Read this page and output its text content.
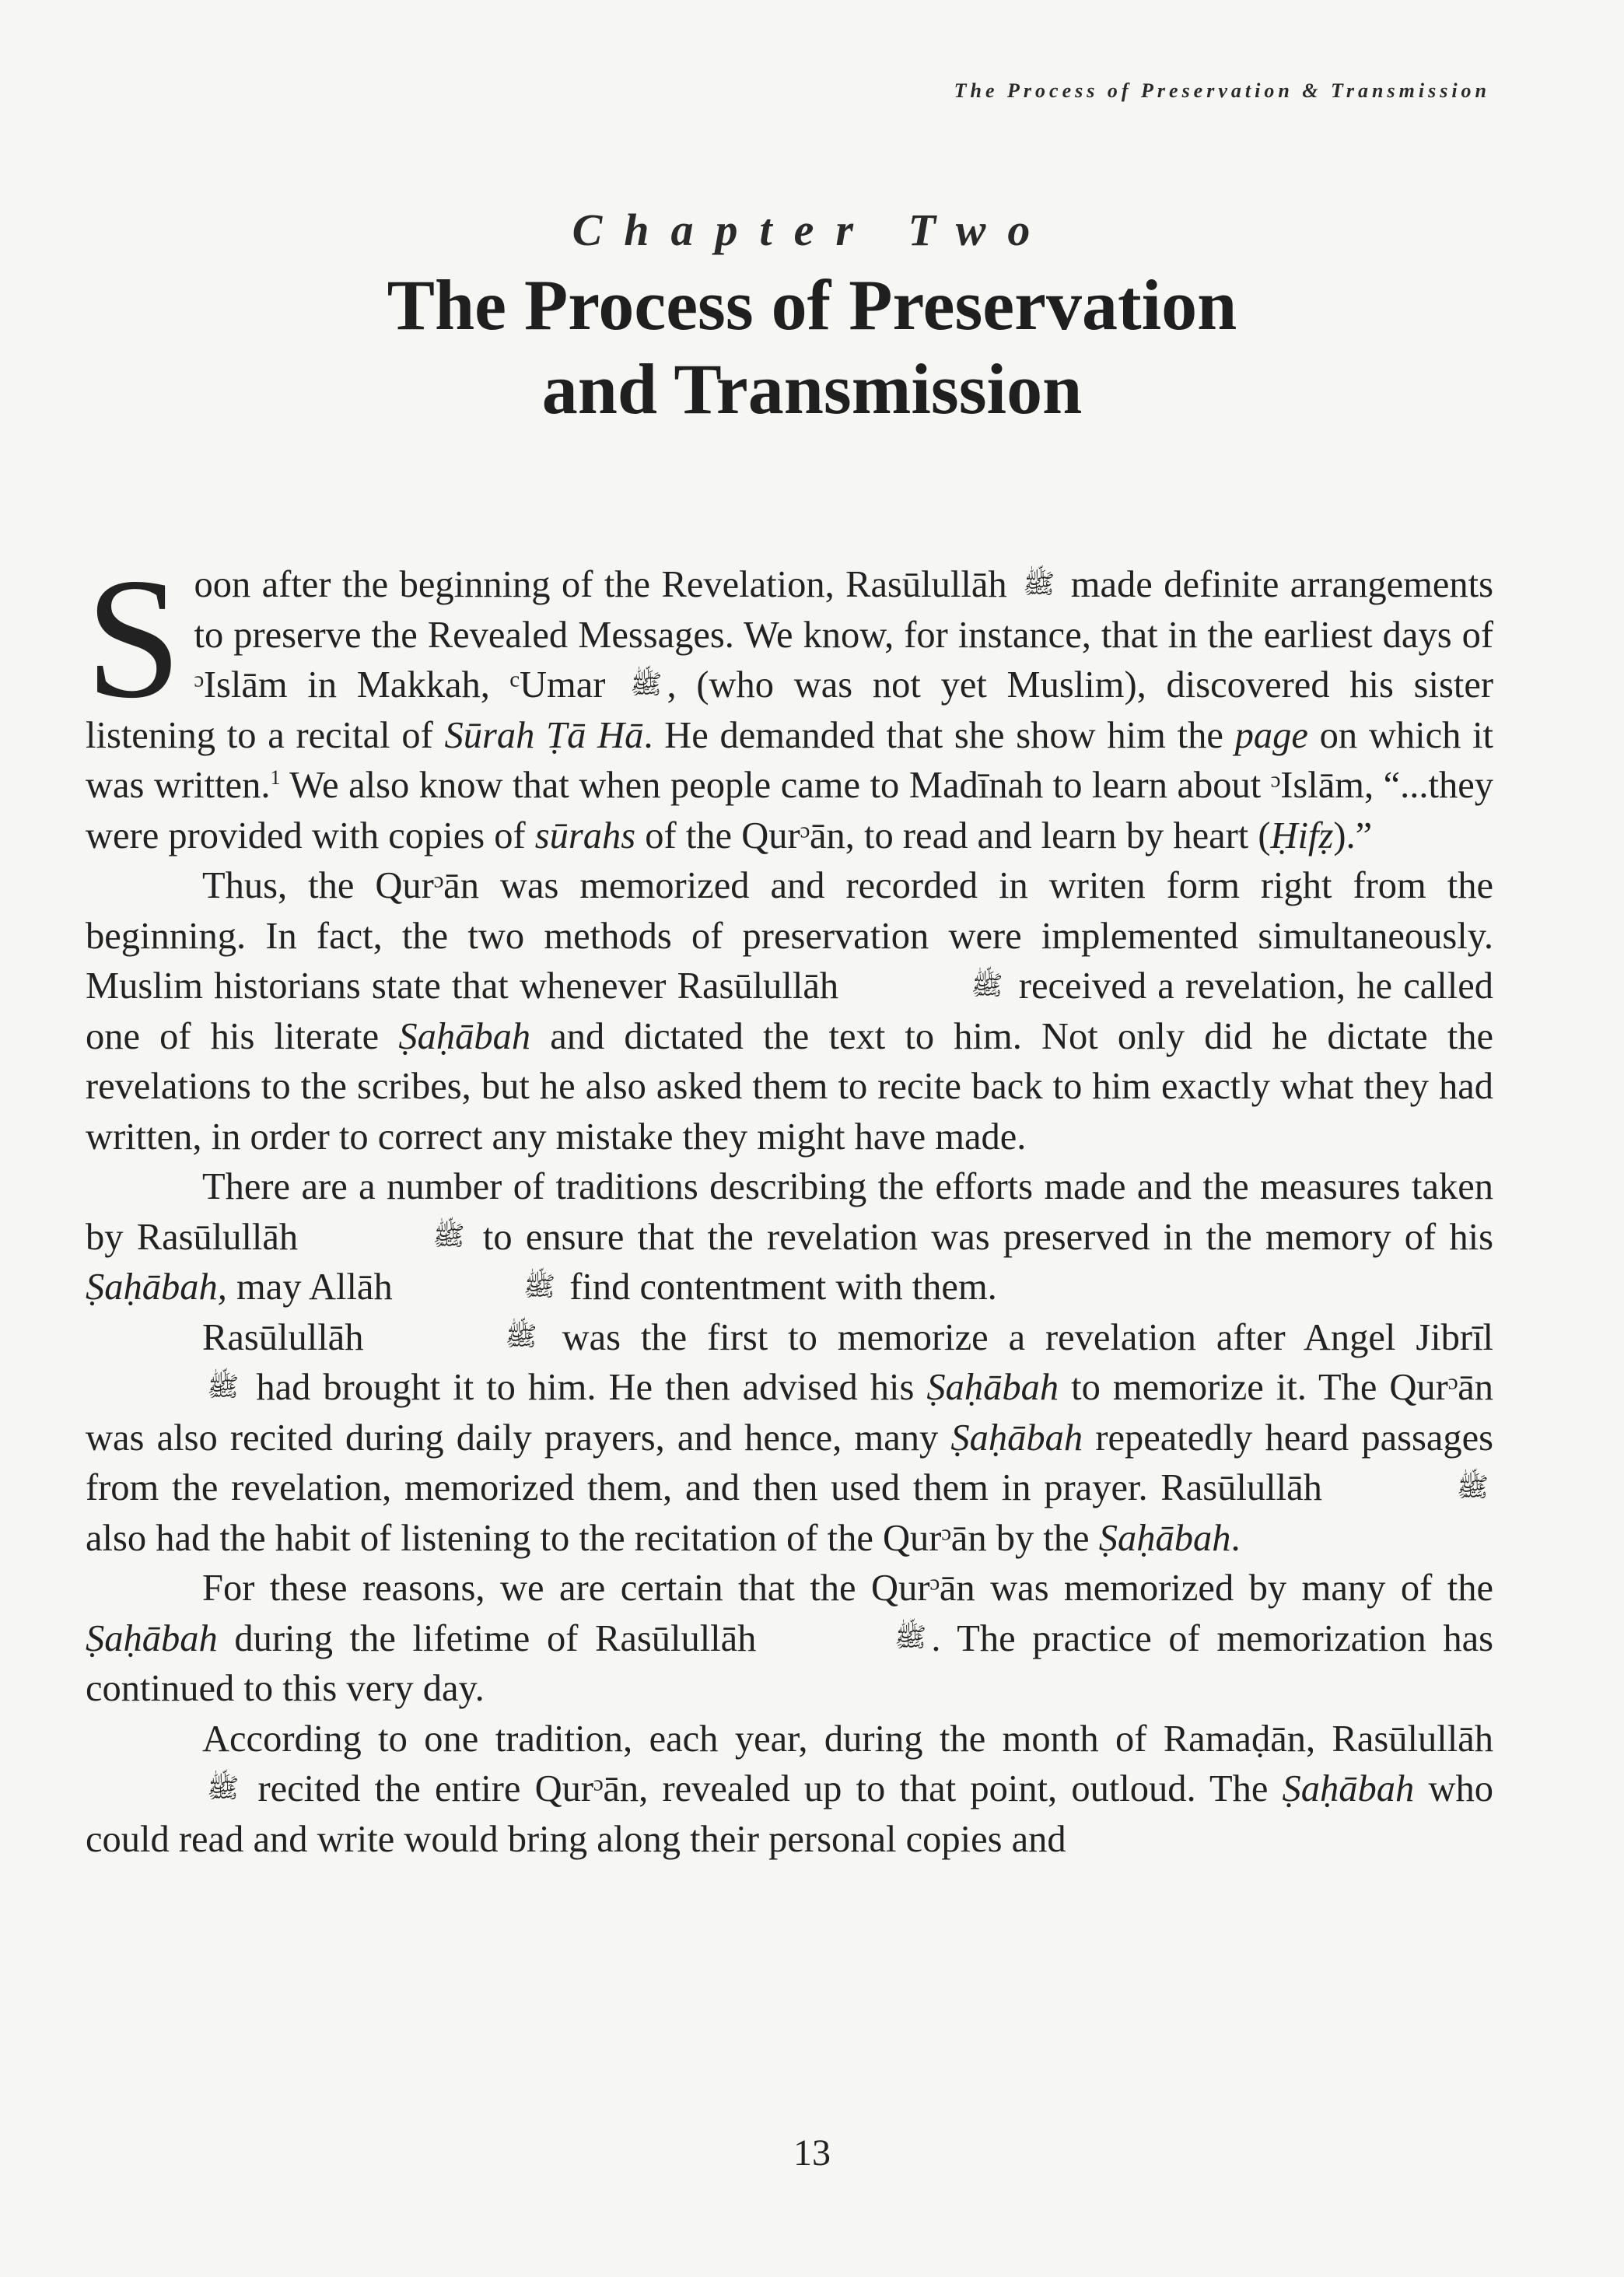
The Process of Preservation & Transmission
Chapter Two
The Process of Preservation
and Transmission

S oon after the beginning of the Revelation, Rasūlullāh ﷺ made definite arrangements to preserve the Revealed Messages. We know, for instance, that in the earliest days of ᵓIslām in Makkah, ᶜUmar ﷺ , (who was not yet Muslim), discovered his sister listening to a recital of Sūrah Ṭā Hā. He demanded that she show him the page on which it was written.$^1$ We also know that when people came to Madīnah to learn about ᵓIslām, “...they were provided with copies of sūrahs of the Qurᵓān, to read and learn by heart (Ḥifẓ).”

Thus, the Qurᵓān was memorized and recorded in writen form right from the beginning. In fact, the two methods of preservation were implemented simultaneously. Muslim historians state that whenever Rasūlullāh	ﷺ received a revelation, he called one of his literate Ṣaḥābah and dictated the text to him. Not only did he dictate the revelations to the scribes, but he also asked them to recite back to him exactly what they had written, in order to correct any mistake they might have made.

There are a number of traditions describing the efforts made and the measures taken by Rasūlullāh	ﷺ to ensure that the revelation was preserved in the memory of his Ṣaḥābah, may Allāh	ﷺ find contentment with them.

Rasūlullāh	ﷺ was the first to memorize a revelation after Angel Jibrīl ﷺ had brought it to him. He then advised his Ṣaḥābah to memorize it. The Qurᵓān was also recited during daily prayers, and hence, many Ṣaḥābah repeatedly heard passages from the revelation, memorized them, and then used them in prayer. Rasūlullāh	ﷺ also had the habit of listening to the recitation of the Qurᵓān by the Ṣaḥābah.

For these reasons, we are certain that the Qurᵓān was memorized by many of the Ṣaḥābah during the lifetime of Rasūlullāh	ﷺ . The practice of memorization has continued to this very day.

According to one tradition, each year, during the month of Ramaḍān, Rasūlullāh ﷺ recited the entire Qurᵓān, revealed up to that point, outloud. The Ṣaḥābah who could read and write would bring along their personal copies and

13
